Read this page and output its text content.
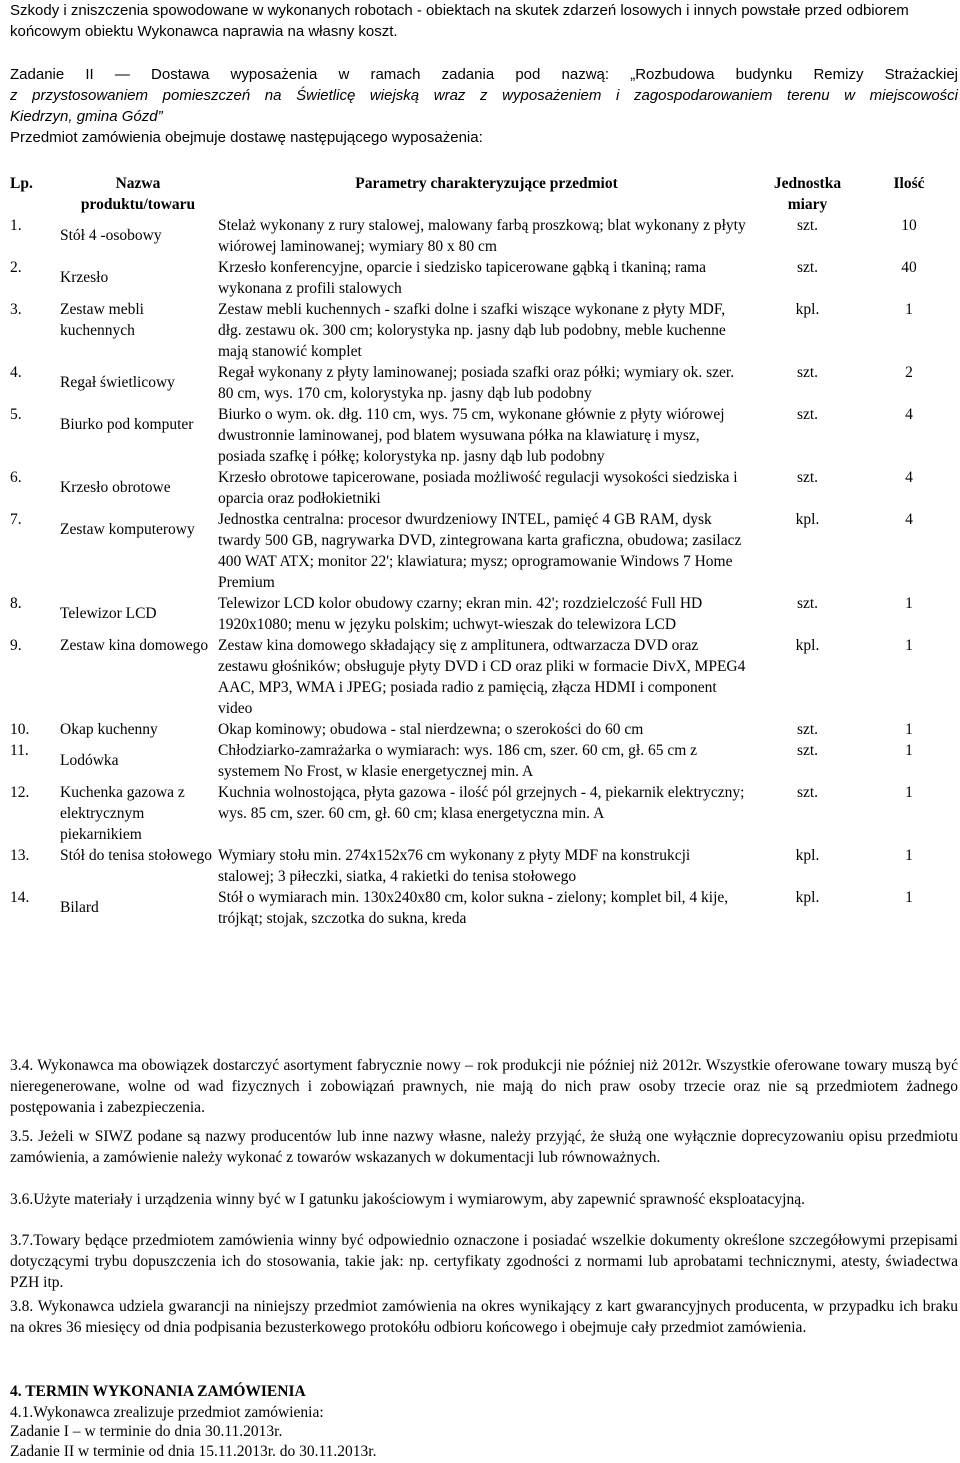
Szkody i zniszczenia spowodowane w wykonanych robotach - obiektach na skutek zdarzeń losowych i innych powstałe przed odbiorem końcowym obiektu Wykonawca naprawia na własny koszt.
Zadanie II — Dostawa wyposażenia w ramach zadania pod nazwą: „Rozbudowa budynku Remizy Strażackiej
z przystosowaniem pomieszczeń na Świetlicę wiejską wraz z wyposażeniem i zagospodarowaniem terenu w miejscowości
Kiedrzyn, gmina Gózd”
Przedmiot zamówienia obejmuje dostawę następującego wyposażenia:
Lp.	Nazwa produktu/towaru	Parametry charakteryzujące przedmiot	Jednostka miary	Ilość
1.	Stół 4 -osobowy	Stelaż wykonany z rury stalowej, malowany farbą proszkową; blat wykonany z płyty wiórowej laminowanej; wymiary 80 x 80 cm	szt.	10
2.	Krzesło	Krzesło konferencyjne, oparcie i siedzisko tapicerowane gąbką i tkaniną; rama wykonana z profili stalowych	szt.	40
3.	Zestaw mebli kuchennych	Zestaw mebli kuchennych - szafki dolne i szafki wiszące wykonane z płyty MDF, dłg. zestawu ok. 300 cm; kolorystyka np. jasny dąb lub podobny, meble kuchenne mają stanowić komplet	kpl.	1
4.	Regał świetlicowy	Regał wykonany z płyty laminowanej; posiada szafki oraz półki; wymiary ok. szer. 80 cm, wys. 170 cm, kolorystyka np. jasny dąb lub podobny	szt.	2
5.	Biurko pod komputer	Biurko o wym. ok. dłg. 110 cm, wys. 75 cm, wykonane głównie z płyty wiórowej dwustronnie laminowanej, pod blatem wysuwana półka na klawiaturę i mysz, posiada szafkę i półkę; kolorystyka np. jasny dąb lub podobny	szt.	4
6.	Krzesło obrotowe	Krzesło obrotowe tapicerowane, posiada możliwość regulacji wysokości siedziska i oparcia oraz podłokietniki	szt.	4
7.	Zestaw komputerowy	Jednostka centralna: procesor dwurdzeniowy INTEL, pamięć 4 GB RAM, dysk twardy 500 GB, nagrywarka DVD, zintegrowana karta graficzna, obudowa; zasilacz 400 WAT ATX; monitor 22'; klawiatura; mysz; oprogramowanie Windows 7 Home Premium	kpl.	4
8.	Telewizor LCD	Telewizor LCD kolor obudowy czarny; ekran min. 42'; rozdzielczość Full HD 1920x1080; menu w języku polskim; uchwyt-wieszak do telewizora LCD	szt.	1
9.	Zestaw kina domowego	Zestaw kina domowego składający się z amplitunera, odtwarzacza DVD oraz zestawu głośników; obsługuje płyty DVD i CD oraz pliki w formacie DivX, MPEG4 AAC, MP3, WMA i JPEG; posiada radio z pamięcią, złącza HDMI i component video	kpl.	1
10.	Okap kuchenny	Okap kominowy; obudowa - stal nierdzewna; o szerokości do 60 cm	szt.	1
11.	Lodówka	Chłodziarko-zamrażarka o wymiarach: wys. 186 cm, szer. 60 cm, gł. 65 cm z systemem No Frost, w klasie energetycznej min. A	szt.	1
12.	Kuchenka gazowa z elektrycznym piekarnikiem	Kuchnia wolnostojąca, płyta gazowa - ilość pól grzejnych - 4, piekarnik elektryczny; wys. 85 cm, szer. 60 cm, gł. 60 cm; klasa energetyczna min. A	szt.	1
13.	Stół do tenisa stołowego	Wymiary stołu min. 274x152x76 cm wykonany z płyty MDF na konstrukcji stalowej; 3 piłeczki, siatka, 4 rakietki do tenisa stołowego	kpl.	1
14.	Bilard	Stół o wymiarach min. 130x240x80 cm, kolor sukna - zielony; komplet bil, 4 kije, trójkąt; stojak, szczotka do sukna, kreda	kpl.	1
3.4. Wykonawca ma obowiązek dostarczyć asortyment fabrycznie nowy – rok produkcji nie później niż 2012r. Wszystkie oferowane towary muszą być nieregenerowane, wolne od wad fizycznych i zobowiązań prawnych, nie mają do nich praw osoby trzecie oraz nie są przedmiotem żadnego postępowania i zabezpieczenia.
3.5. Jeżeli w SIWZ podane są nazwy producentów lub inne nazwy własne, należy przyjąć, że służą one wyłącznie doprecyzowaniu opisu przedmiotu zamówienia, a zamówienie należy wykonać z towarów wskazanych w dokumentacji lub równoważnych.
3.6.Użyte materiały i urządzenia winny być w I gatunku jakościowym i wymiarowym, aby zapewnić sprawność eksploatacyjną.
3.7.Towary będące przedmiotem zamówienia winny być odpowiednio oznaczone i posiadać wszelkie dokumenty określone szczegółowymi przepisami dotyczącymi trybu dopuszczenia ich do stosowania, takie jak: np. certyfikaty zgodności z normami lub aprobatami technicznymi, atesty, świadectwa PZH itp.
3.8. Wykonawca udziela gwarancji na niniejszy przedmiot zamówienia na okres wynikający z kart gwarancyjnych producenta, w przypadku ich braku na okres 36 miesięcy od dnia podpisania bezusterkowego protokółu odbioru końcowego i obejmuje cały przedmiot zamówienia.
4. TERMIN WYKONANIA ZAMÓWIENIA
4.1.Wykonawca zrealizuje przedmiot zamówienia:
Zadanie I – w terminie do dnia 30.11.2013r.
Zadanie II w terminie od dnia 15.11.2013r. do 30.11.2013r.
